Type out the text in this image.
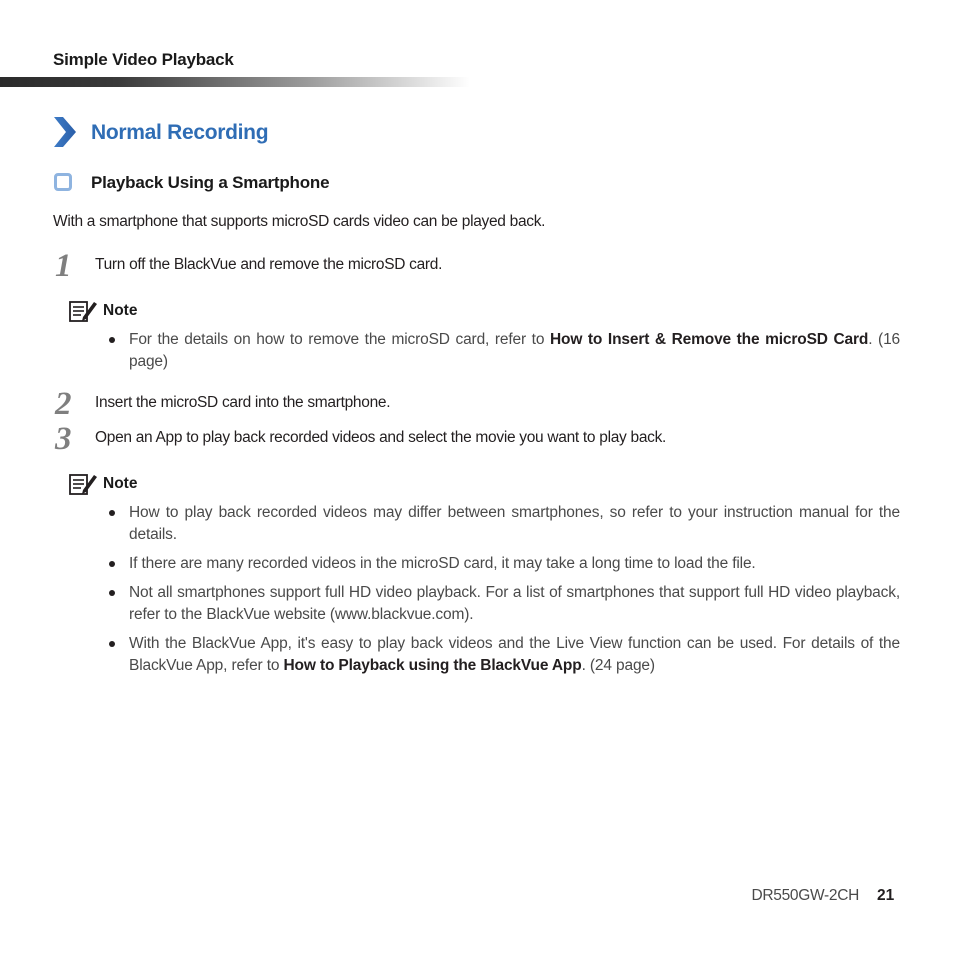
Simple Video Playback
Normal Recording
Playback Using a Smartphone
With a smartphone that supports microSD cards video can be played back.
1 Turn off the BlackVue and remove the microSD card.
Note
For the details on how to remove the microSD card, refer to How to Insert & Remove the microSD Card. (16 page)
2 Insert the microSD card into the smartphone.
3 Open an App to play back recorded videos and select the movie you want to play back.
Note
How to play back recorded videos may differ between smartphones, so refer to your instruction manual for the details.
If there are many recorded videos in the microSD card, it may take a long time to load the file.
Not all smartphones support full HD video playback. For a list of smartphones that support full HD video playback, refer to the BlackVue website (www.blackvue.com).
With the BlackVue App, it's easy to play back videos and the Live View function can be used. For details of the BlackVue App, refer to How to Playback using the BlackVue App. (24 page)
DR550GW-2CH 21
